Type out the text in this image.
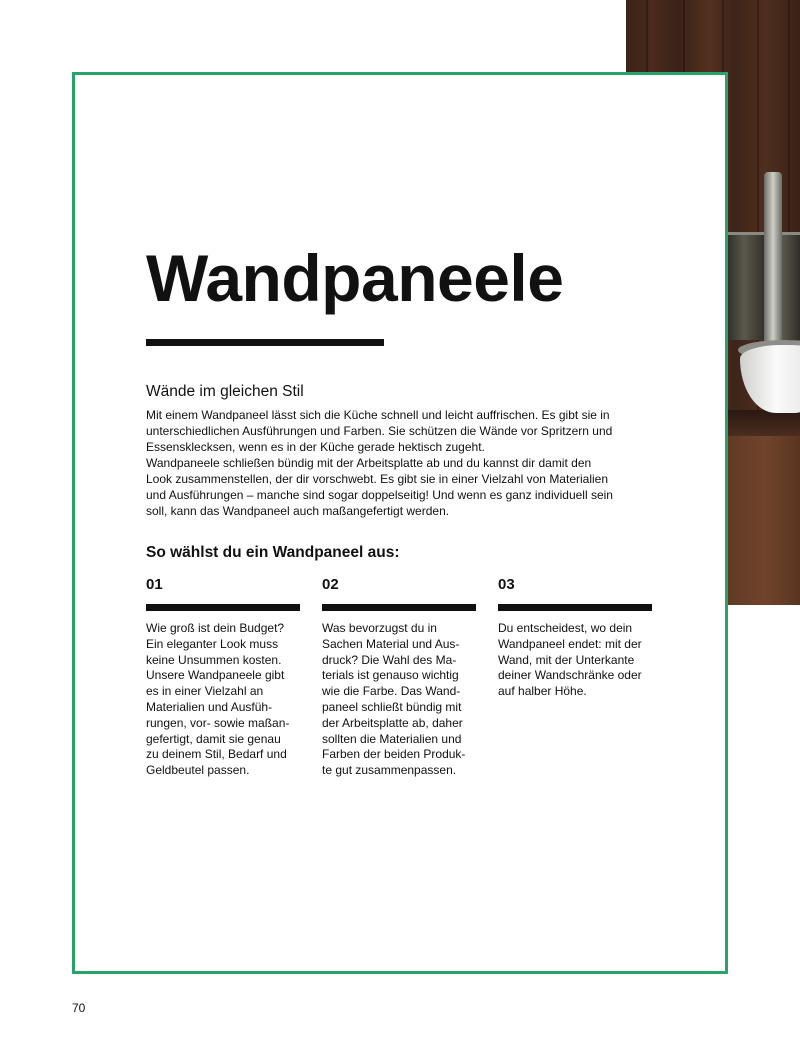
Wandpaneele
Wände im gleichen Stil
Mit einem Wandpaneel lässt sich die Küche schnell und leicht auffrischen. Es gibt sie in
unterschiedlichen Ausführungen und Farben. Sie schützen die Wände vor Spritzern und
Essensklecksen, wenn es in der Küche gerade hektisch zugeht.
Wandpaneele schließen bündig mit der Arbeitsplatte ab und du kannst dir damit den
Look zusammenstellen, der dir vorschwebt. Es gibt sie in einer Vielzahl von Materialien
und Ausführungen – manche sind sogar doppelseitig! Und wenn es ganz individuell sein
soll, kann das Wandpaneel auch maßangefertigt werden.
So wählst du ein Wandpaneel aus:
01
Wie groß ist dein Budget?
Ein eleganter Look muss
keine Unsummen kosten.
Unsere Wandpaneele gibt
es in einer Vielzahl an
Materialien und Ausfüh-
rungen, vor- sowie maßan-
gefertigt, damit sie genau
zu deinem Stil, Bedarf und
Geldbeutel passen.
02
Was bevorzugst du in
Sachen Material und Aus-
druck? Die Wahl des Ma-
terials ist genauso wichtig
wie die Farbe. Das Wand-
paneel schließt bündig mit
der Arbeitsplatte ab, daher
sollten die Materialien und
Farben der beiden Produk-
te gut zusammenpassen.
03
Du entscheidest, wo dein
Wandpaneel endet: mit der
Wand, mit der Unterkante
deiner Wandschränke oder
auf halber Höhe.
70
